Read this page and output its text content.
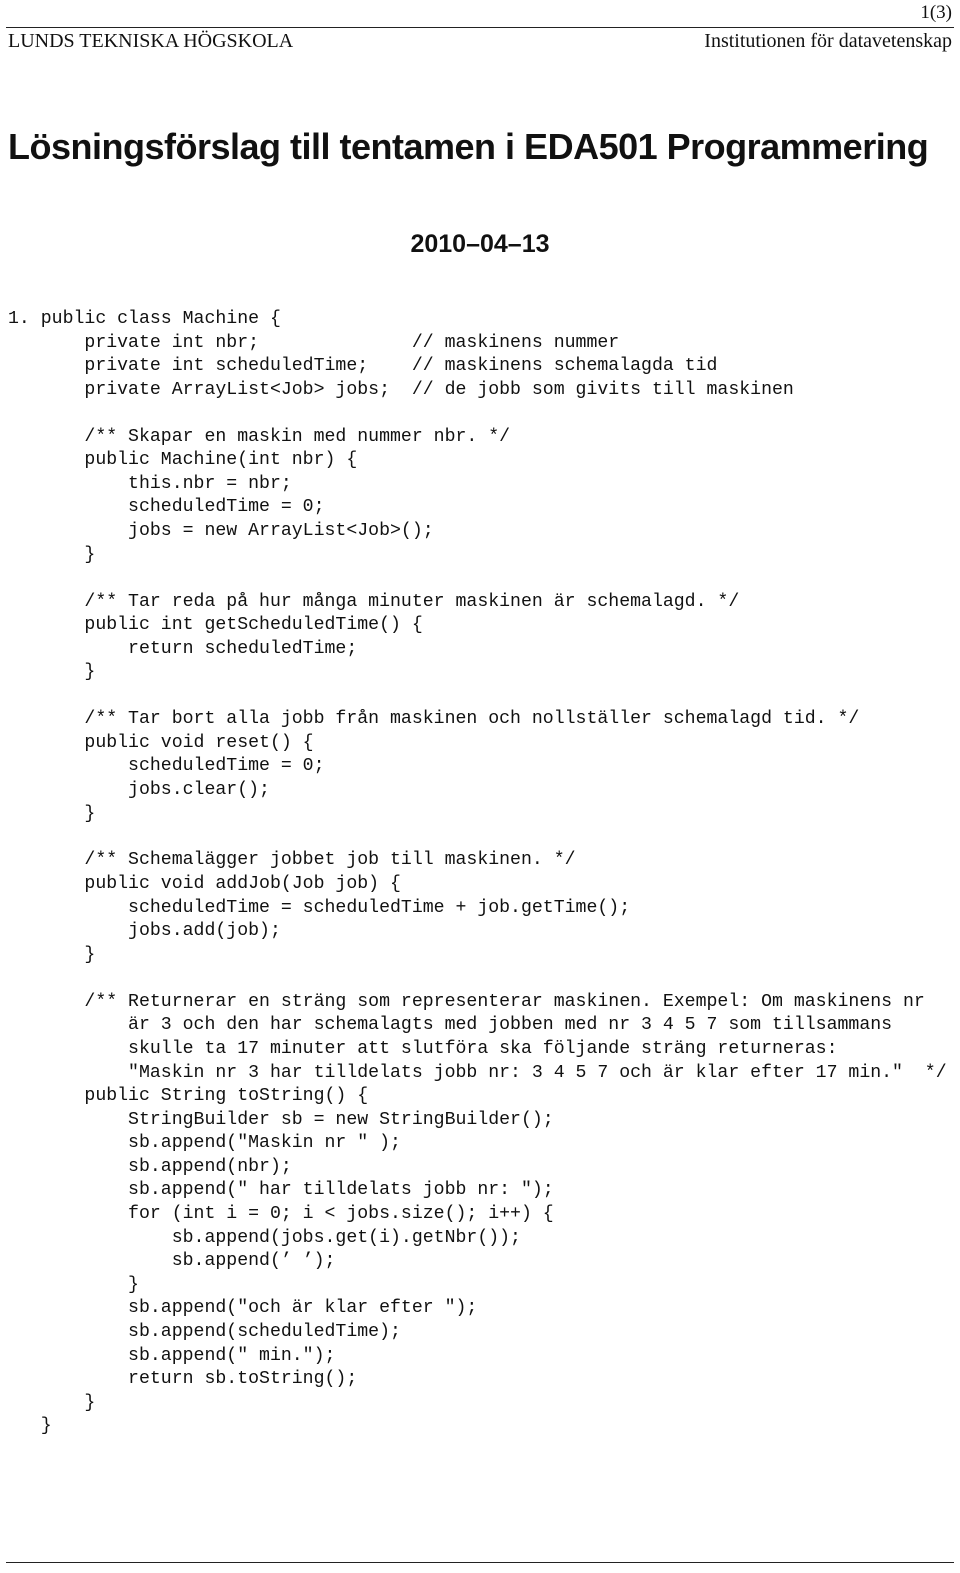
1(3)
LUNDS TEKNISKA HÖGSKOLA	Institutionen för datavetenskap
Lösningsförslag till tentamen i EDA501 Programmering
2010–04–13
1. public class Machine {
private int nbr;              // maskinens nummer
private int scheduledTime;    // maskinens schemalagda tid
private ArrayList<Job> jobs;  // de jobb som givits till maskinen
/** Skapar en maskin med nummer nbr. */
public Machine(int nbr) {
this.nbr = nbr;
scheduledTime = 0;
jobs = new ArrayList<Job>();
}
/** Tar reda på hur många minuter maskinen är schemalagd. */
public int getScheduledTime() {
return scheduledTime;
}
/** Tar bort alla jobb från maskinen och nollställer schemalagd tid. */
public void reset() {
scheduledTime = 0;
jobs.clear();
}
/** Schemalägger jobbet job till maskinen. */
public void addJob(Job job) {
scheduledTime = scheduledTime + job.getTime();
jobs.add(job);
}
/** Returnerar en sträng som representerar maskinen. Exempel: Om maskinens nr
är 3 och den har schemalagts med jobben med nr 3 4 5 7 som tillsammans
skulle ta 17 minuter att slutföra ska följande sträng returneras:
"Maskin nr 3 har tilldelats jobb nr: 3 4 5 7 och är klar efter 17 min."  */
public String toString() {
StringBuilder sb = new StringBuilder();
sb.append("Maskin nr " );
sb.append(nbr);
sb.append(" har tilldelats jobb nr: ");
for (int i = 0; i < jobs.size(); i++) {
sb.append(jobs.get(i).getNbr());
sb.append(’ ’);
}
sb.append("och är klar efter ");
sb.append(scheduledTime);
sb.append(" min.");
return sb.toString();
}
}
